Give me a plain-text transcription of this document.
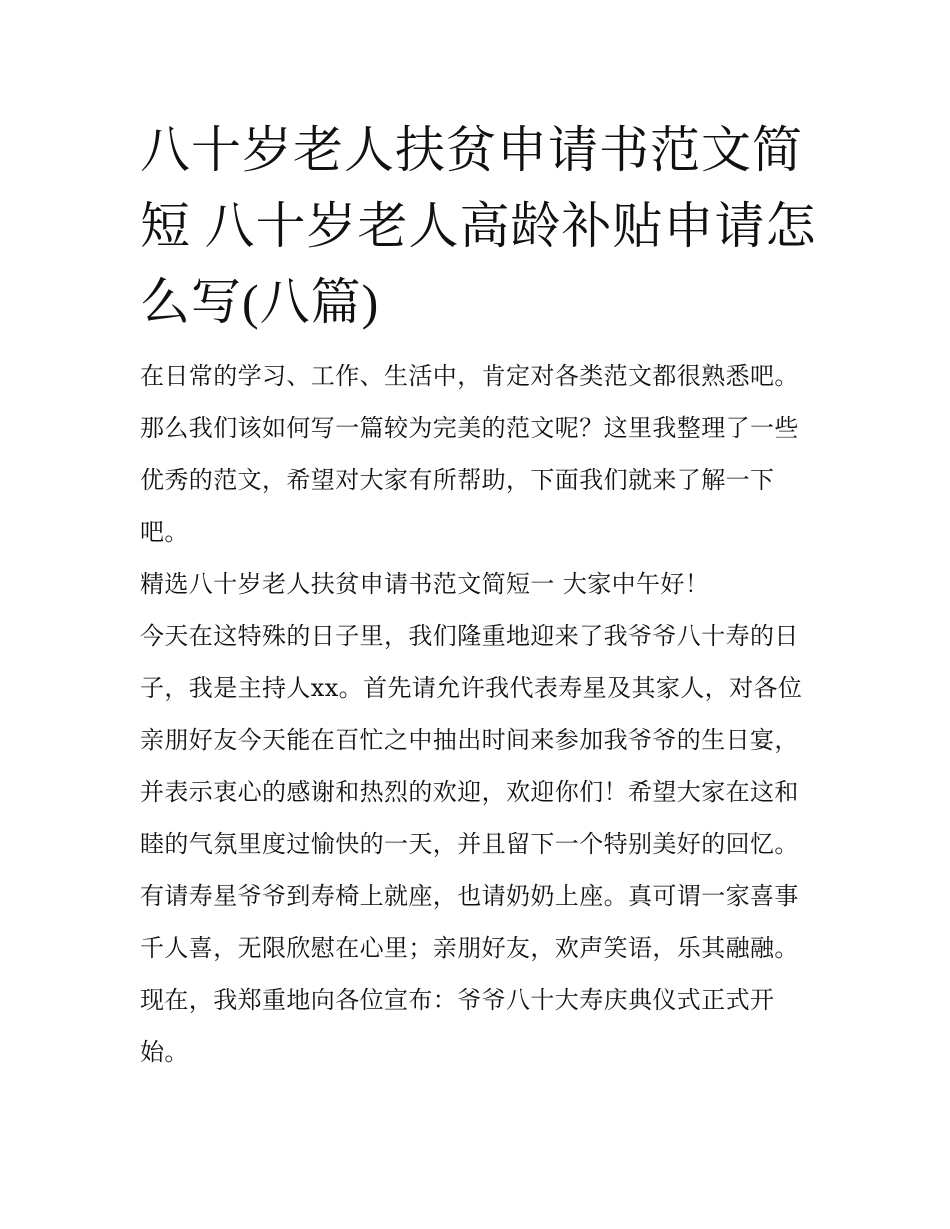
八十岁老人扶贫申请书范文简短 八十岁老人高龄补贴申请怎么写(八篇)

在日常的学习、工作、生活中，肯定对各类范文都很熟悉吧。那么我们该如何写一篇较为完美的范文呢？这里我整理了一些优秀的范文，希望对大家有所帮助，下面我们就来了解一下吧。

精选八十岁老人扶贫申请书范文简短一 大家中午好！

今天在这特殊的日子里，我们隆重地迎来了我爷爷八十寿的日子，我是主持人xx。首先请允许我代表寿星及其家人，对各位亲朋好友今天能在百忙之中抽出时间来参加我爷爷的生日宴，并表示衷心的感谢和热烈的欢迎，欢迎你们！希望大家在这和睦的气氛里度过愉快的一天，并且留下一个特别美好的回忆。

有请寿星爷爷到寿椅上就座，也请奶奶上座。真可谓一家喜事千人喜，无限欣慰在心里；亲朋好友，欢声笑语，乐其融融。现在，我郑重地向各位宣布：爷爷八十大寿庆典仪式正式开始。
